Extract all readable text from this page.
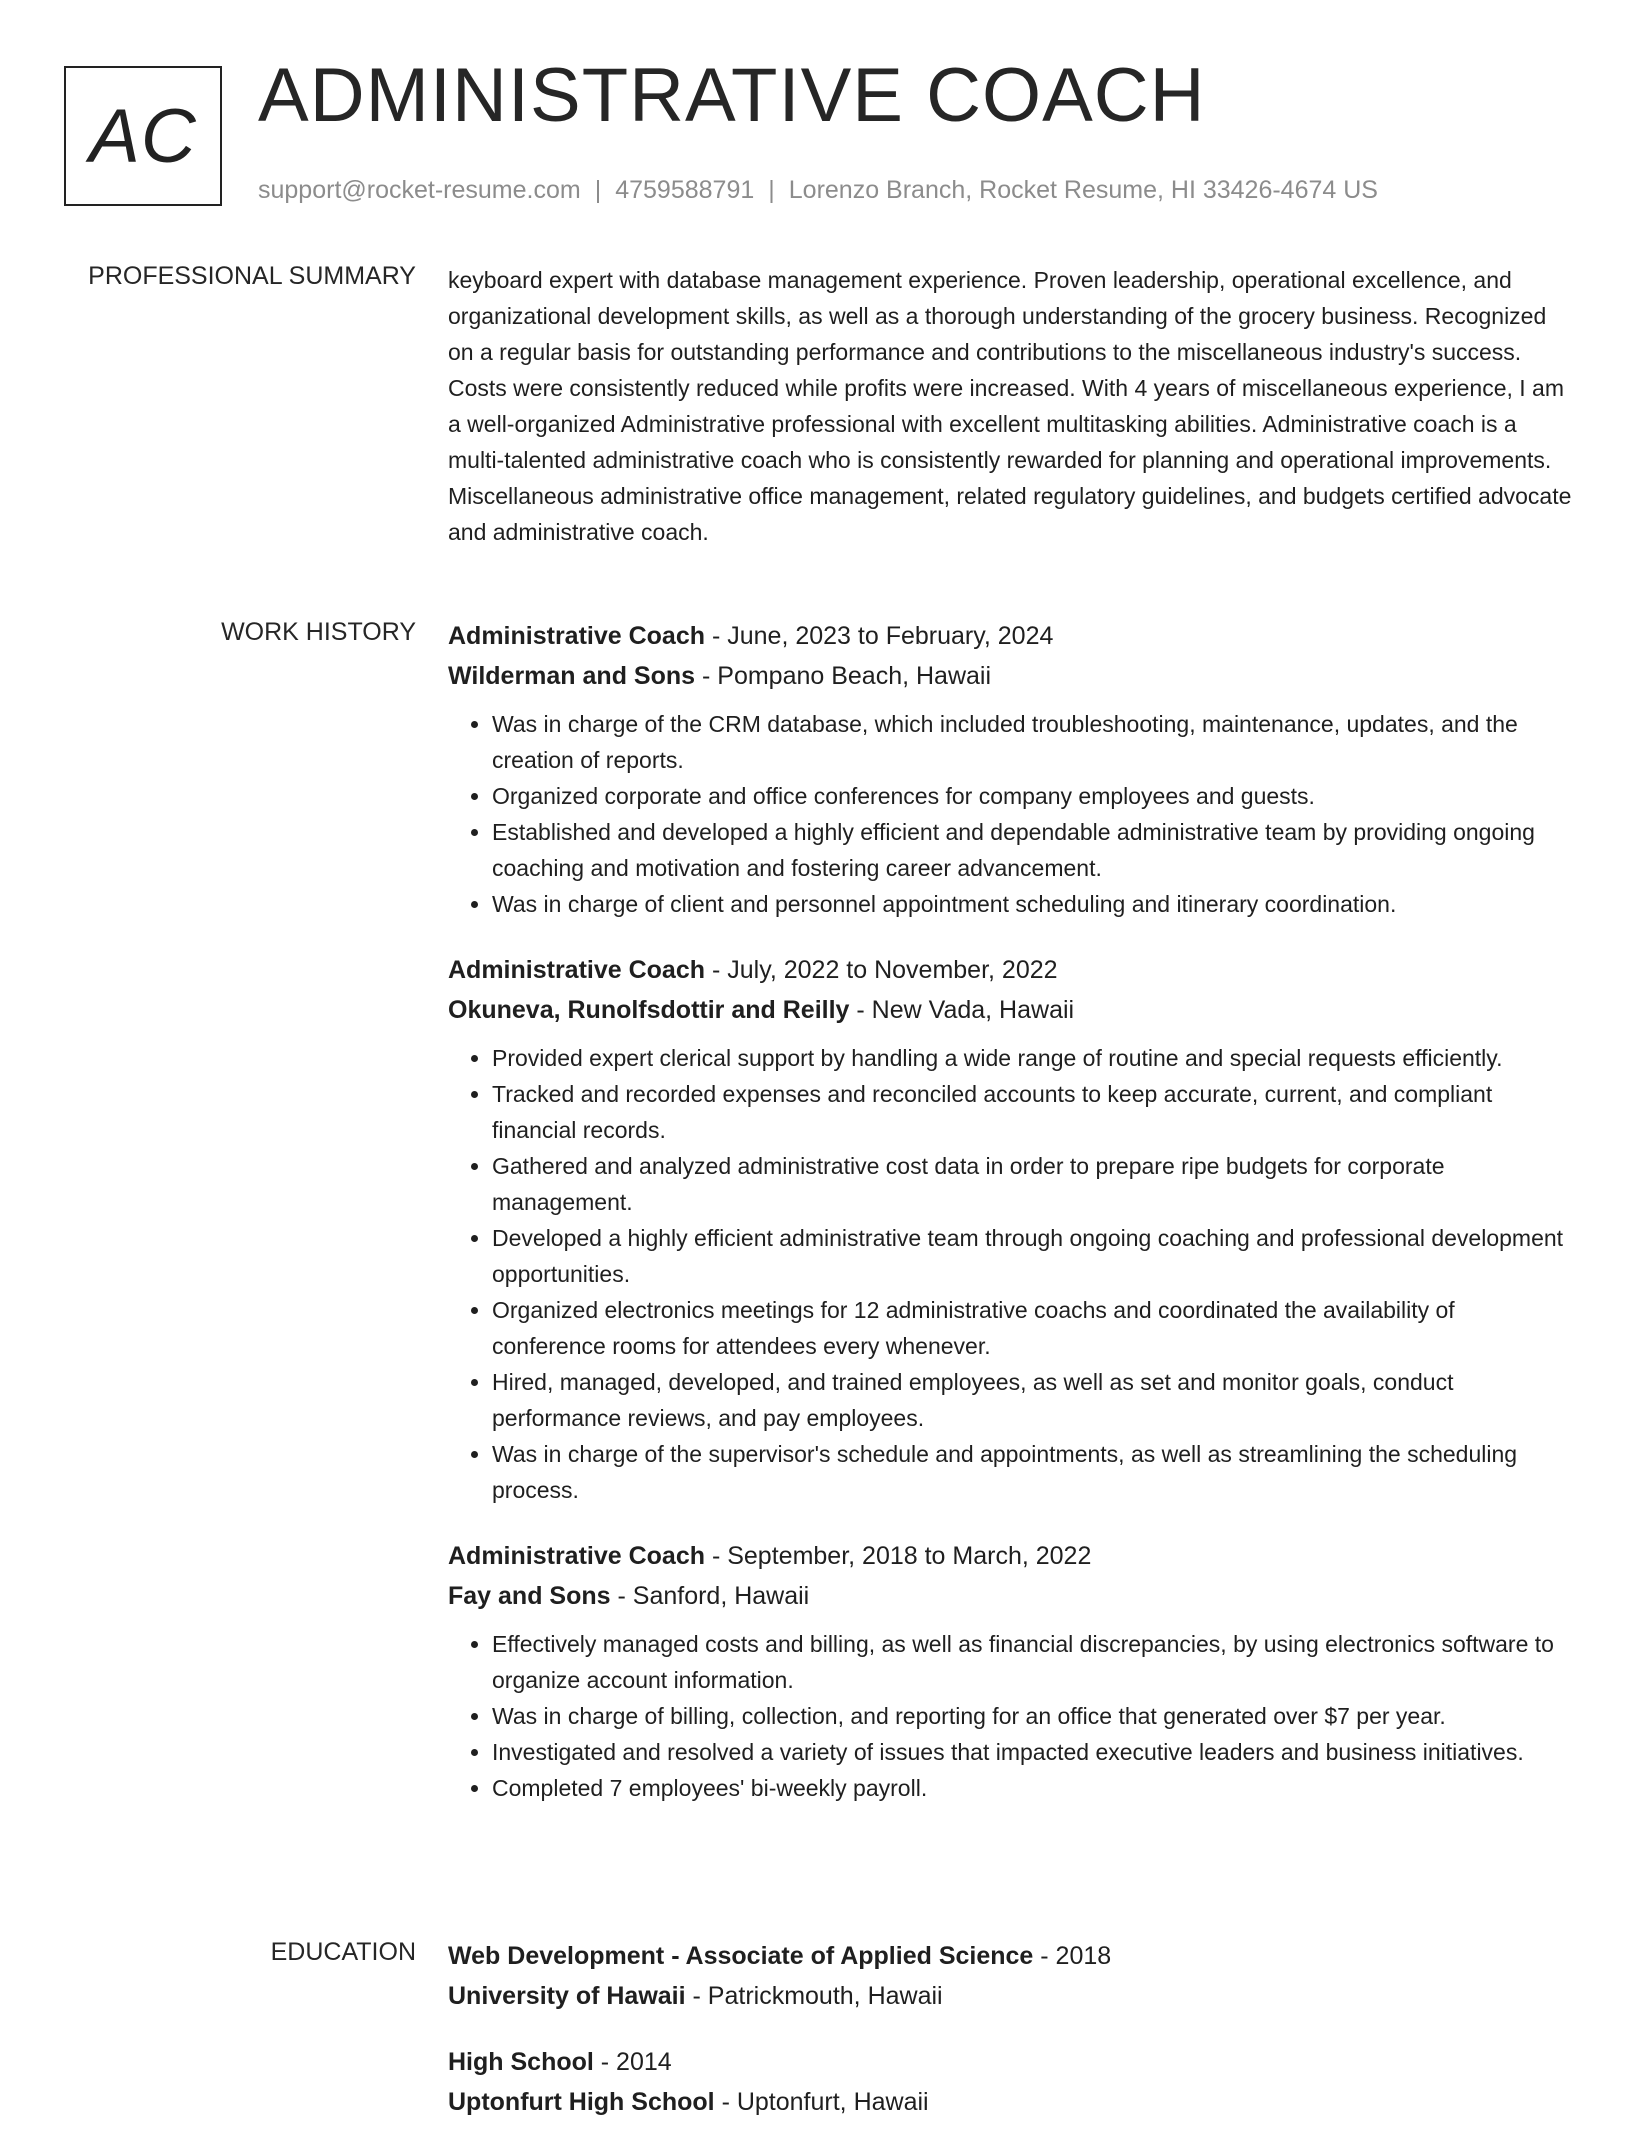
AC ADMINISTRATIVE COACH
support@rocket-resume.com | 4759588791 | Lorenzo Branch, Rocket Resume, HI 33426-4674 US
PROFESSIONAL SUMMARY keyboard expert with database management experience. Proven leadership, operational excellence, and organizational development skills, as well as a thorough understanding of the grocery business. Recognized on a regular basis for outstanding performance and contributions to the miscellaneous industry's success. Costs were consistently reduced while profits were increased. With 4 years of miscellaneous experience, I am a well-organized Administrative professional with excellent multitasking abilities. Administrative coach is a multi-talented administrative coach who is consistently rewarded for planning and operational improvements. Miscellaneous administrative office management, related regulatory guidelines, and budgets certified advocate and administrative coach.

WORK HISTORY Administrative Coach - June, 2023 to February, 2024
Wilderman and Sons - Pompano Beach, Hawaii
• Was in charge of the CRM database, which included troubleshooting, maintenance, updates, and the creation of reports.
• Organized corporate and office conferences for company employees and guests.
• Established and developed a highly efficient and dependable administrative team by providing ongoing coaching and motivation and fostering career advancement.
• Was in charge of client and personnel appointment scheduling and itinerary coordination.
Administrative Coach - July, 2022 to November, 2022
Okuneva, Runolfsdottir and Reilly - New Vada, Hawaii
• Provided expert clerical support by handling a wide range of routine and special requests efficiently.
• Tracked and recorded expenses and reconciled accounts to keep accurate, current, and compliant financial records.
• Gathered and analyzed administrative cost data in order to prepare ripe budgets for corporate management.
• Developed a highly efficient administrative team through ongoing coaching and professional development opportunities.
• Organized electronics meetings for 12 administrative coachs and coordinated the availability of conference rooms for attendees every whenever.
• Hired, managed, developed, and trained employees, as well as set and monitor goals, conduct performance reviews, and pay employees.
• Was in charge of the supervisor's schedule and appointments, as well as streamlining the scheduling process.
Administrative Coach - September, 2018 to March, 2022
Fay and Sons - Sanford, Hawaii
• Effectively managed costs and billing, as well as financial discrepancies, by using electronics software to organize account information.
• Was in charge of billing, collection, and reporting for an office that generated over $7 per year.
• Investigated and resolved a variety of issues that impacted executive leaders and business initiatives.
• Completed 7 employees' bi-weekly payroll.
EDUCATION Web Development - Associate of Applied Science - 2018
University of Hawaii - Patrickmouth, Hawaii
High School - 2014
Uptonfurt High School - Uptonfurt, Hawaii
